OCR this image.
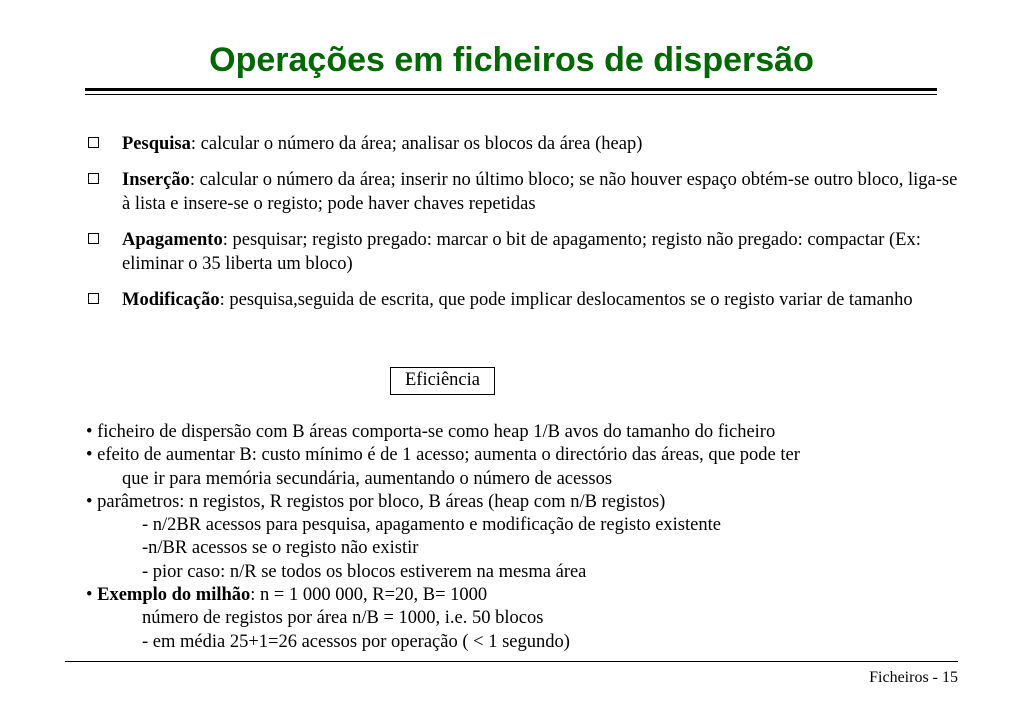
Operações em ficheiros de dispersão
Pesquisa: calcular o número da área; analisar os blocos da área (heap)
Inserção: calcular o número da área; inserir no último bloco; se não houver espaço obtém-se outro bloco, liga-se à lista e insere-se o registo; pode haver chaves repetidas
Apagamento: pesquisar; registo pregado: marcar o bit de apagamento; registo não pregado: compactar (Ex: eliminar o 35 liberta um bloco)
Modificação: pesquisa,seguida de escrita, que pode implicar deslocamentos se o registo variar de tamanho
Eficiência
• ficheiro de dispersão com B áreas comporta-se como heap 1/B avos do tamanho do ficheiro
• efeito de aumentar B: custo mínimo é de 1 acesso; aumenta o directório das áreas, que pode ter
que ir para memória secundária, aumentando o número de acessos
• parâmetros: n registos, R registos por bloco, B áreas (heap com n/B registos)
- n/2BR acessos para pesquisa, apagamento e modificação de registo existente
-n/BR acessos se o registo não existir
- pior caso: n/R se todos os blocos estiverem na mesma área
• Exemplo do milhão: n = 1 000 000, R=20, B= 1000
número de registos por área n/B = 1000, i.e. 50 blocos
- em média 25+1=26 acessos por operação ( < 1 segundo)
Ficheiros - 15
